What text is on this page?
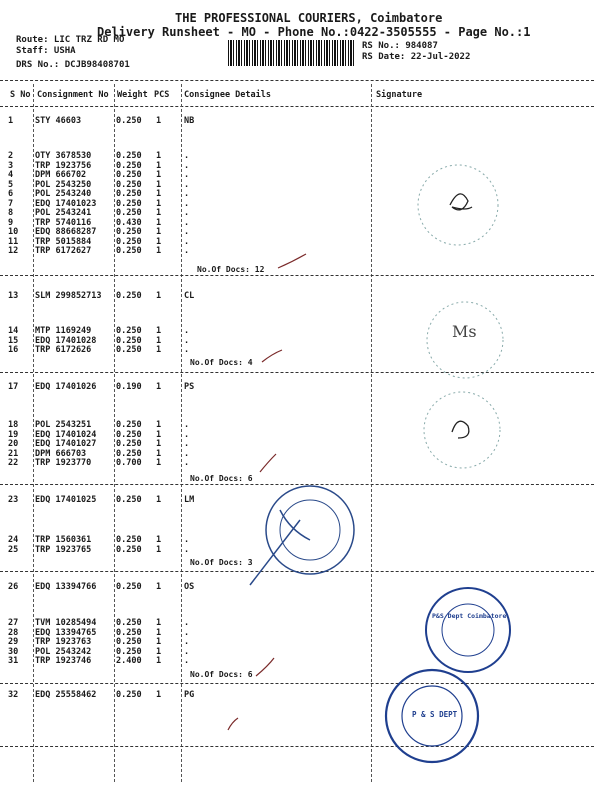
THE PROFESSIONAL COURIERS, Coimbatore
Delivery Runsheet - MO - Phone No.:0422-3505555 - Page No.:1
Route: LIC TRZ RD MO
Staff: USHA
DRS No.: DCJB98408701
RS No.: 984087
RS Date: 22-Jul-2022
S No Consignment No Weight PCS Consignee Details	Signature
1	STY 46603	0.250 1	NB
2	OTY 3678530	0.250 1	.
3	TRP 1923756	0.250 1	.
4	DPM 666702	0.250 1	.
5	POL 2543250	0.250 1	.
6	POL 2543240	0.250 1	.
7	EDQ 17401023 0.250 1	.
8	POL 2543241	0.250 1	.
9	TRP 5740116	0.430 1	.
10 EDQ 88668287 0.250 1	.
11 TRP 5015884	0.250 1	.
12 TRP 6172627	0.250 1	.
No.Of Docs: 12
13 SLM 299852713 0.250 1	CL
14 MTP 1169249	0.250 1	.
15 EDQ 17401028 0.250 1	.
16 TRP 6172626	0.250 1	.
No.Of Docs: 4
17 EDQ 17401026 0.190 1	PS
18 POL 2543251	0.250 1	.
19 EDQ 17401024 0.250 1	.
20 EDQ 17401027 0.250 1	.
21 DPM 666703	0.250 1	.
22 TRP 1923770	0.700 1	.
No.Of Docs: 6
23 EDQ 17401025 0.250 1	LM
24 TRP 1560361	0.250 1	.
25 TRP 1923765	0.250 1	.
No.Of Docs: 3
26 EDQ 13394766 0.250 1	OS
27 TVM 10285494 0.250 1	.
28 EDQ 13394765 0.250 1	.
29 TRP 1923763	0.250 1	.
30 POL 2543242	0.250 1	.
31 TRP 1923746	2.400 1	.
No.Of Docs: 6
32 EDQ 25558462 0.250 1	PG
Ms
P&S Dept Coimbatore
P & S DEPT
